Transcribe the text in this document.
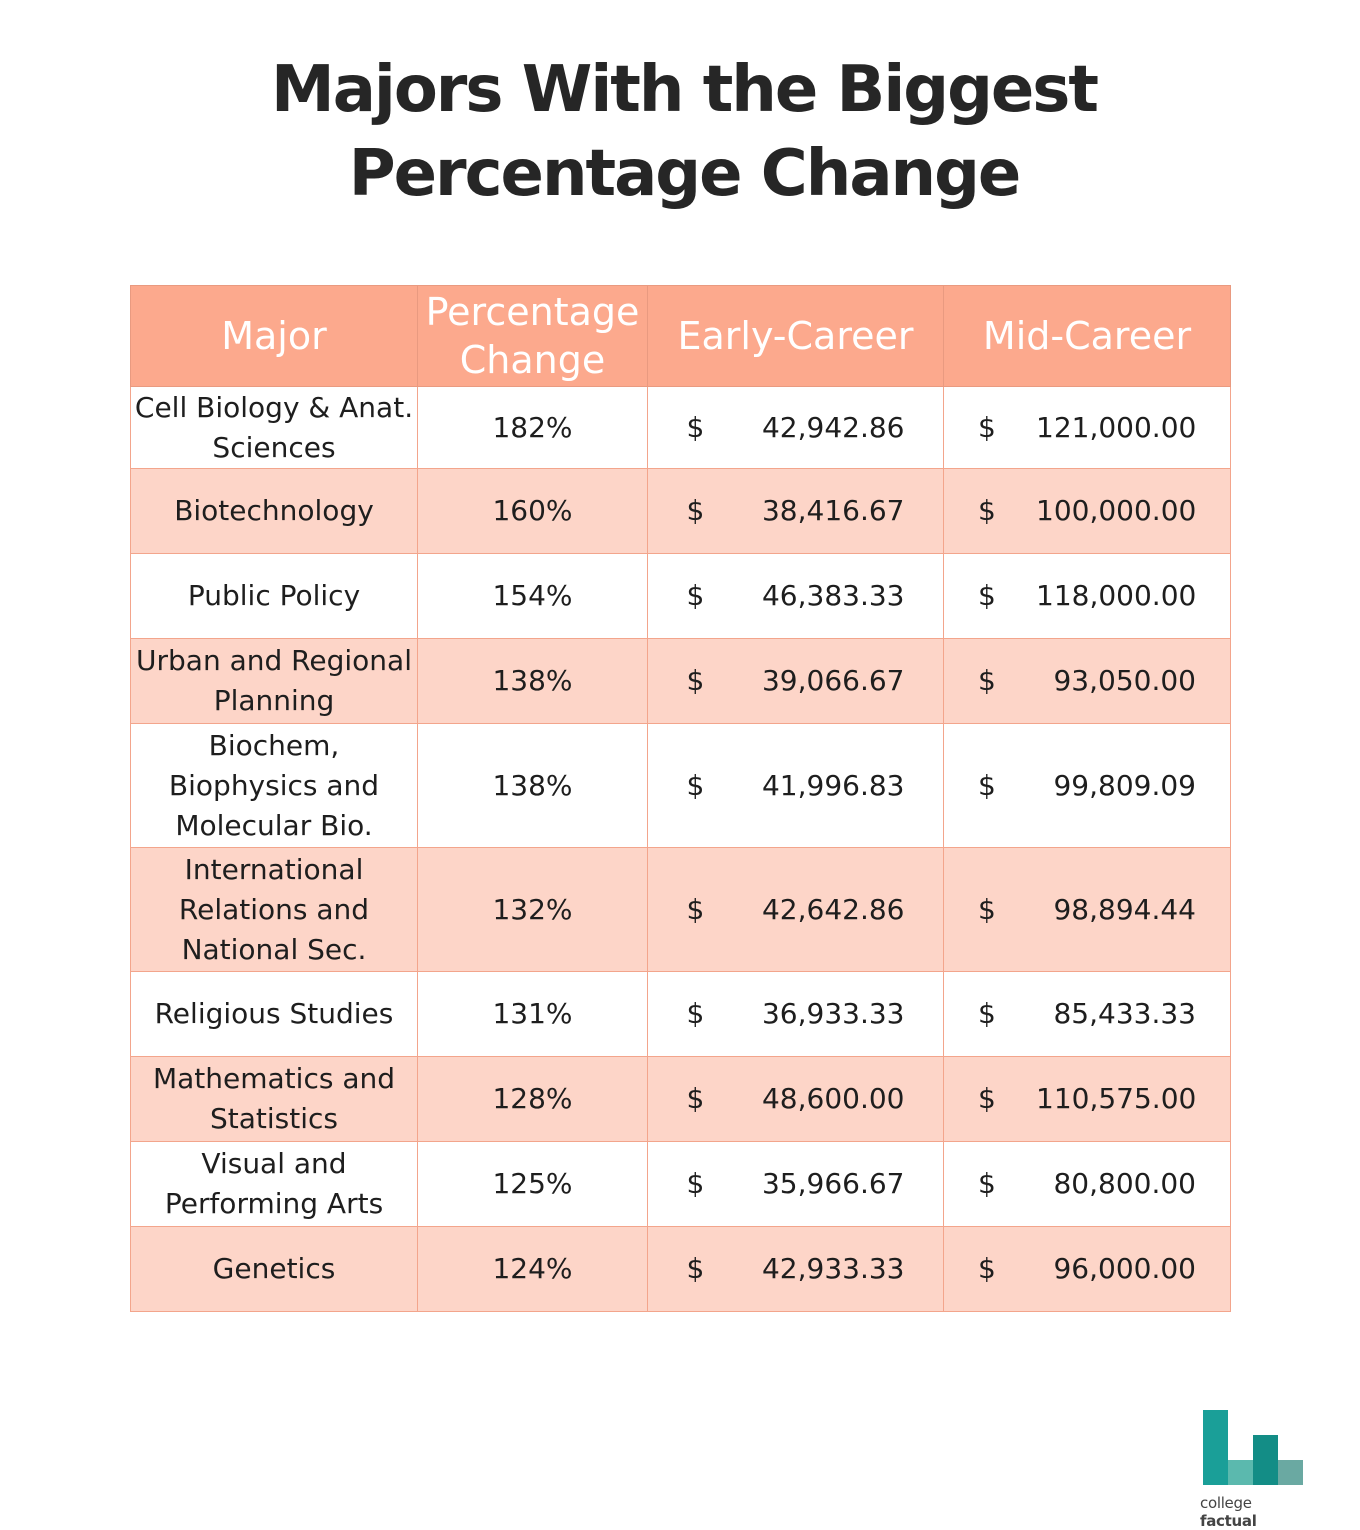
Majors With the Biggest
Percentage Change
Major	Percentage Change	Early-Career	Mid-Career
Cell Biology & Anat. Sciences	182%	$ 42,942.86	$ 121,000.00

Biotechnology	160%	$ 38,416.67	$ 100,000.00

Public Policy	154%	$ 46,383.33	$ 118,000.00

Urban and Regional Planning	138%	$ 39,066.67	$ 93,050.00

Biochem, Biophysics and Molecular Bio.	138%	$ 41,996.83	$ 99,809.09

International Relations and National Sec.	132%	$ 42,642.86	$ 98,894.44

Religious Studies	131%	$ 36,933.33	$ 85,433.33

Mathematics and Statistics	128%	$ 48,600.00	$ 110,575.00

Visual and Performing Arts	125%	$ 35,966.67	$ 80,800.00

Genetics	124%	$ 42,933.33	$ 96,000.00
college factual
